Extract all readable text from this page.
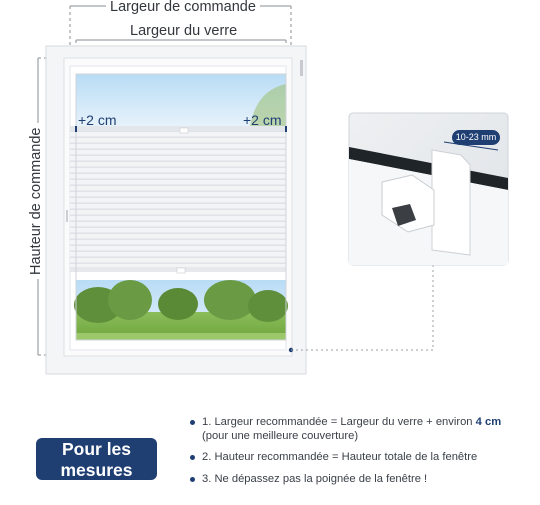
Largeur de commande
Largeur du verre
Hauteur de commande
+2 cm	+2 cm
10-23 mm
Pour les
mesures
1. Largeur recommandée = Largeur du verre + environ 4 cm (pour une meilleure couverture)
2. Hauteur recommandée = Hauteur totale de la fenêtre
3. Ne dépassez pas la poignée de la fenêtre !
